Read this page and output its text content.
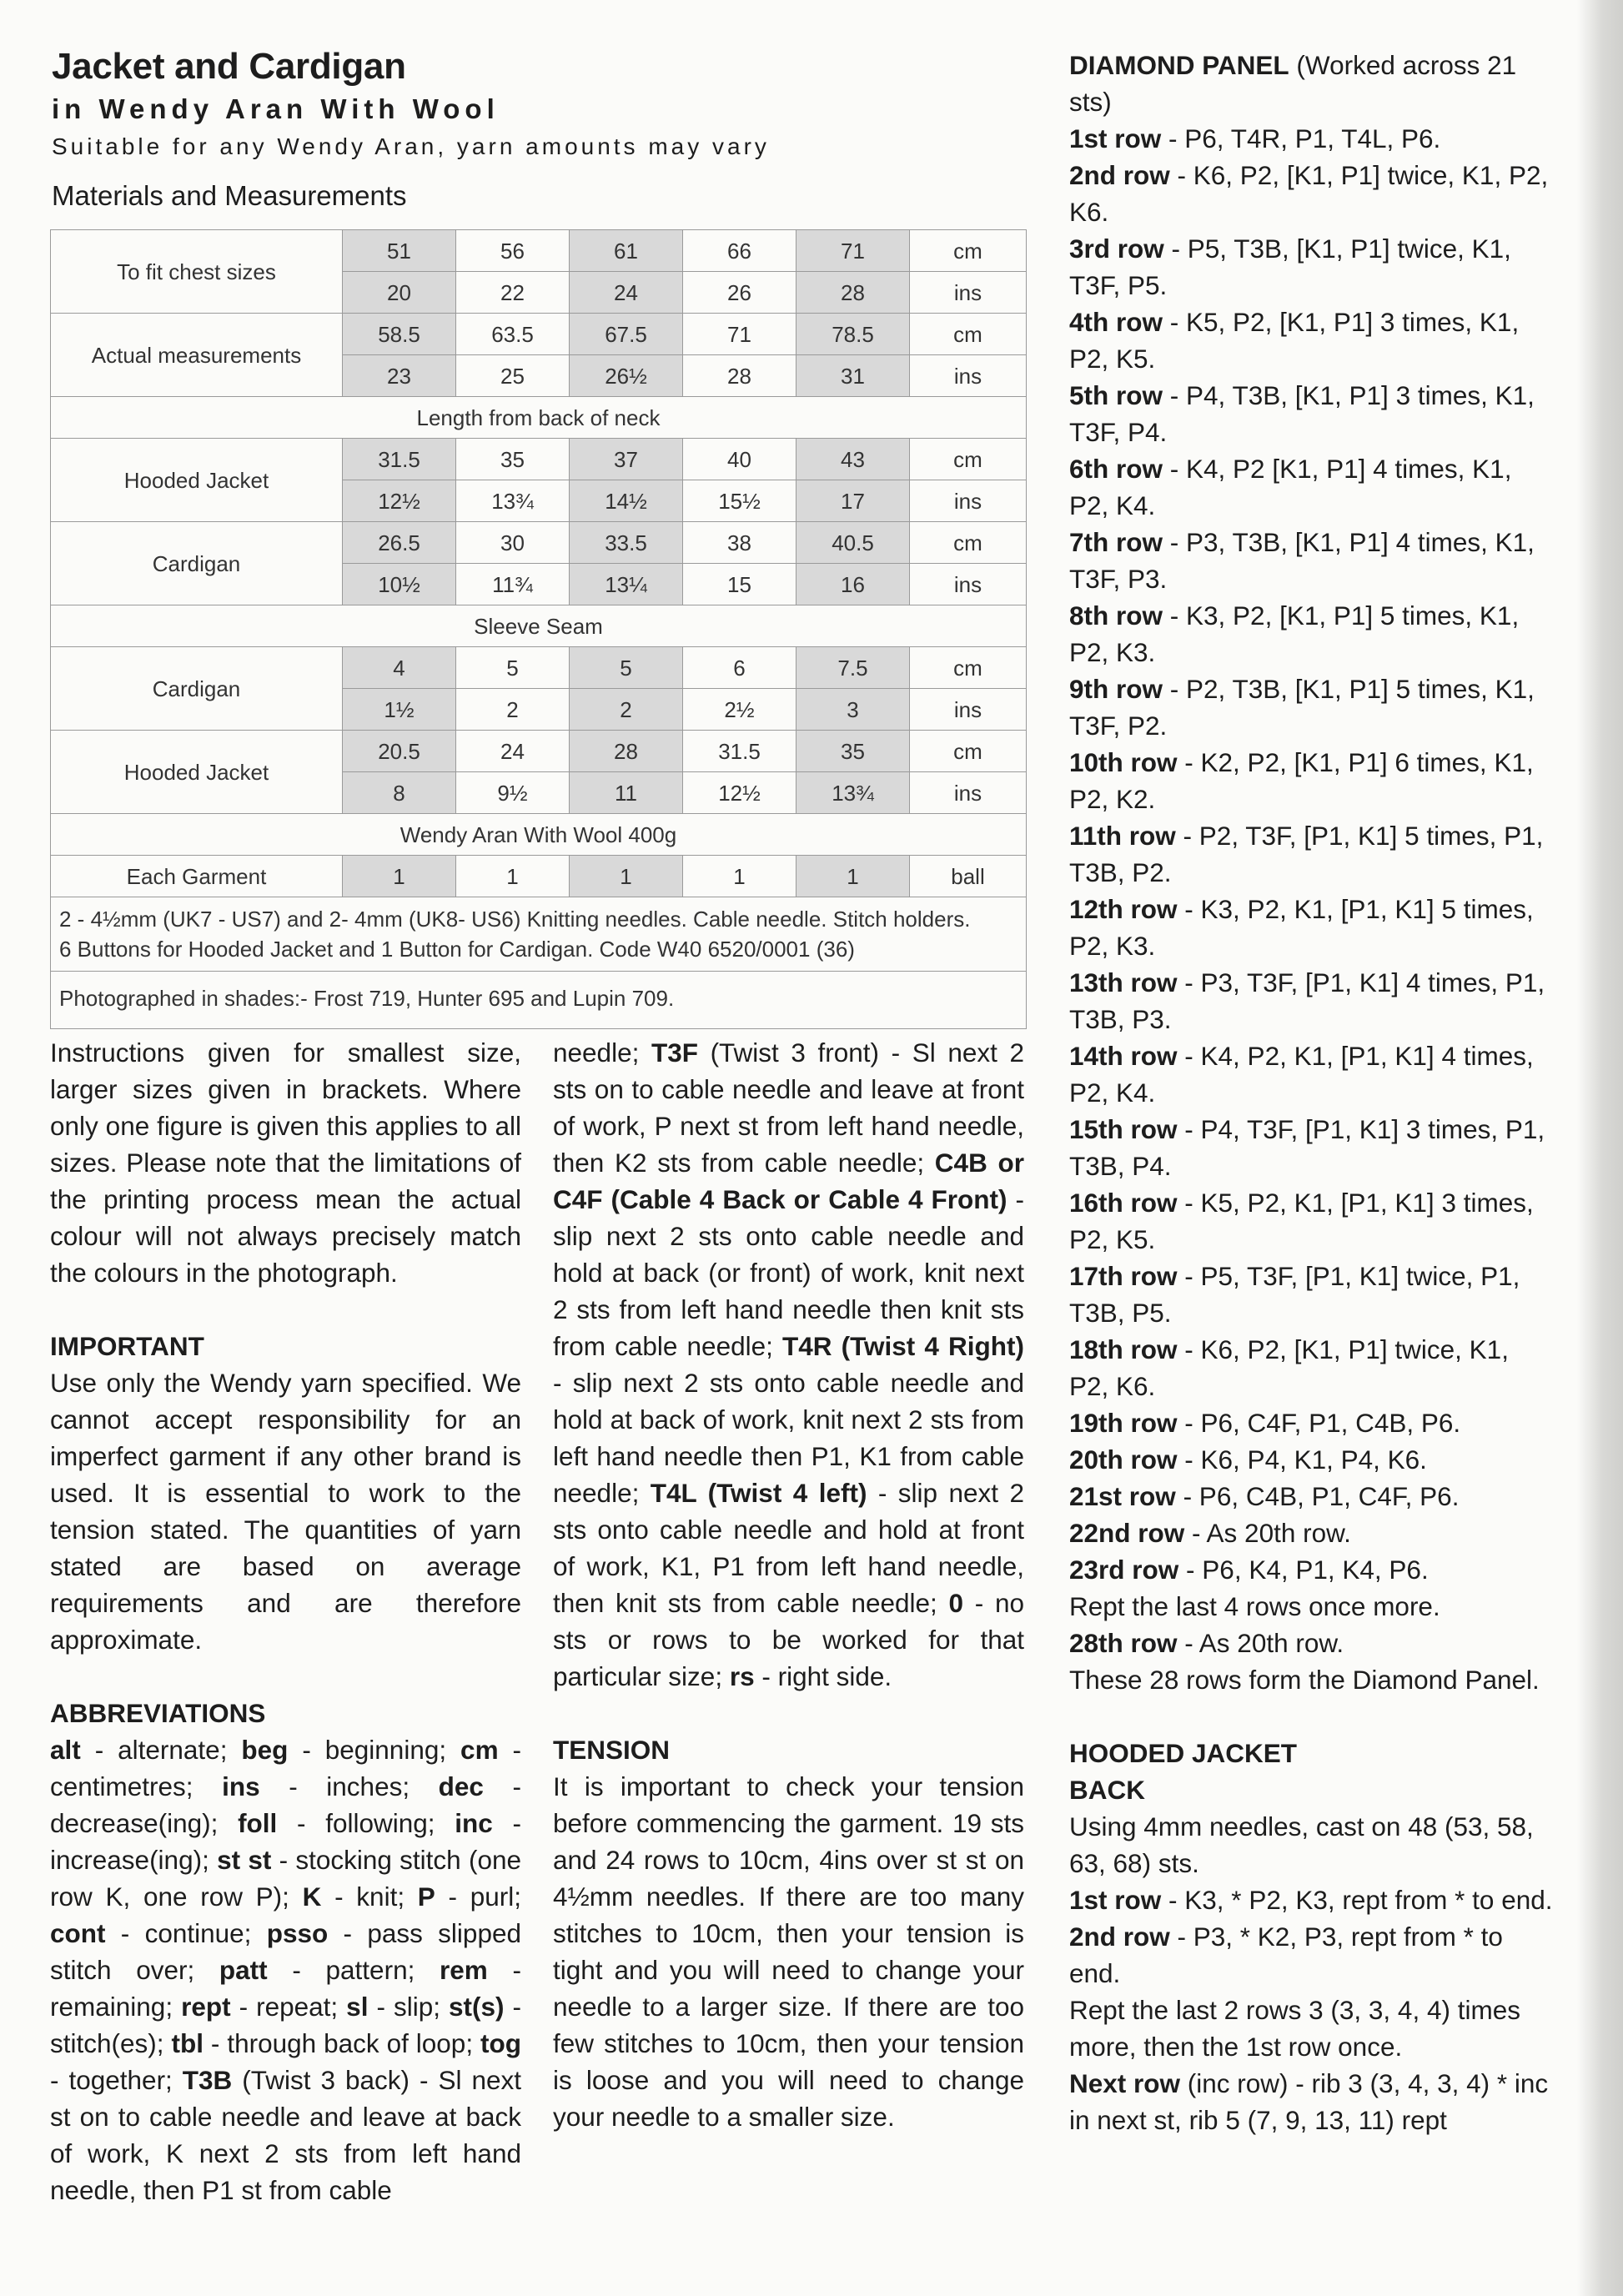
Jacket and Cardigan
in Wendy Aran With Wool
Suitable for any Wendy Aran, yarn amounts may vary
Materials and Measurements
To fit chest sizes	51	56	61	66	71	cm
	20	22	24	26	28	ins
Actual measurements	58.5	63.5	67.5	71	78.5	cm
	23	25	26½	28	31	ins
Length from back of neck						
Hooded Jacket	31.5	35	37	40	43	cm
	12½	13¾	14½	15½	17	ins
Cardigan	26.5	30	33.5	38	40.5	cm
	10½	11¾	13¼	15	16	ins
Sleeve Seam						
Cardigan	4	5	5	6	7.5	cm
	1½	2	2	2½	3	ins
Hooded Jacket	20.5	24	28	31.5	35	cm
	8	9½	11	12½	13¾	ins
Wendy Aran With Wool 400g						
Each Garment	1	1	1	1	1	ball

2 - 4½mm (UK7 - US7) and 2- 4mm (UK8- US6) Knitting needles. Cable needle. Stitch holders.
6 Buttons for Hooded Jacket and 1 Button for Cardigan. Code W40 6520/0001 (36)						

Photographed in shades:- Frost 719, Hunter 695 and Lupin 709.						

Instructions given for smallest size, larger sizes given in brackets. Where only one figure is given this applies to all sizes. Please note that the limitations of the printing process mean the actual colour will not always precisely match the colours in the photograph.

IMPORTANT

Use only the Wendy yarn specified. We cannot accept responsibility for an imperfect garment if any other brand is used. It is essential to work to the tension stated. The quantities of yarn stated are based on average requirements and are therefore approximate.

ABBREVIATIONS

alt - alternate; beg - beginning; cm - centimetres; ins - inches; dec - decrease(ing); foll - following; inc - increase(ing); st st - stocking stitch (one row K, one row P); K - knit; P - purl; cont - continue; psso - pass slipped stitch over; patt - pattern; rem - remaining; rept - repeat; sl - slip; st(s) - stitch(es); tbl - through back of loop; tog - together; T3B (Twist 3 back) - Sl next st on to cable needle and leave at back of work, K next 2 sts from left hand needle, then P1 st from cable

needle; T3F (Twist 3 front) - Sl next 2 sts on to cable needle and leave at front of work, P next st from left hand needle, then K2 sts from cable needle; C4B or C4F (Cable 4 Back or Cable 4 Front) - slip next 2 sts onto cable needle and hold at back (or front) of work, knit next 2 sts from left hand needle then knit sts from cable needle; T4R (Twist 4 Right) - slip next 2 sts onto cable needle and hold at back of work, knit next 2 sts from left hand needle then P1, K1 from cable needle; T4L (Twist 4 left) - slip next 2 sts onto cable needle and hold at front of work, K1, P1 from left hand needle, then knit sts from cable needle; 0 - no sts or rows to be worked for that particular size; rs - right side.

TENSION

It is important to check your tension before commencing the garment. 19 sts and 24 rows to 10cm, 4ins over st st on 4½mm needles. If there are too many stitches to 10cm, then your tension is tight and you will need to change your needle to a larger size. If there are too few stitches to 10cm, then your tension is loose and you will need to change your needle to a smaller size.

DIAMOND PANEL (Worked across 21 sts)

1st row - P6, T4R, P1, T4L, P6.

2nd row - K6, P2, [K1, P1] twice, K1, P2, K6.

3rd row - P5, T3B, [K1, P1] twice, K1, T3F, P5.

4th row - K5, P2, [K1, P1] 3 times, K1, P2, K5.

5th row - P4, T3B, [K1, P1] 3 times, K1, T3F, P4.

6th row - K4, P2 [K1, P1] 4 times, K1, P2, K4.

7th row - P3, T3B, [K1, P1] 4 times, K1, T3F, P3.

8th row - K3, P2, [K1, P1] 5 times, K1, P2, K3.

9th row - P2, T3B, [K1, P1] 5 times, K1, T3F, P2.

10th row - K2, P2, [K1, P1] 6 times, K1, P2, K2.

11th row - P2, T3F, [P1, K1] 5 times, P1, T3B, P2.

12th row - K3, P2, K1, [P1, K1] 5 times, P2, K3.

13th row - P3, T3F, [P1, K1] 4 times, P1, T3B, P3.

14th row - K4, P2, K1, [P1, K1] 4 times, P2, K4.

15th row - P4, T3F, [P1, K1] 3 times, P1, T3B, P4.

16th row - K5, P2, K1, [P1, K1] 3 times, P2, K5.

17th row - P5, T3F, [P1, K1] twice, P1, T3B, P5.

18th row - K6, P2, [K1, P1] twice, K1, P2, K6.

19th row - P6, C4F, P1, C4B, P6.

20th row - K6, P4, K1, P4, K6.

21st row - P6, C4B, P1, C4F, P6.

22nd row - As 20th row.

23rd row - P6, K4, P1, K4, P6.

Rept the last 4 rows once more.

28th row - As 20th row.

These 28 rows form the Diamond Panel.

HOODED JACKET
BACK

Using 4mm needles, cast on 48 (53, 58, 63, 68) sts.

1st row - K3, * P2, K3, rept from * to end.

2nd row - P3, * K2, P3, rept from * to end.

Rept the last 2 rows 3 (3, 3, 4, 4) times more, then the 1st row once.

Next row (inc row) - rib 3 (3, 4, 3, 4) * inc in next st, rib 5 (7, 9, 13, 11) rept
